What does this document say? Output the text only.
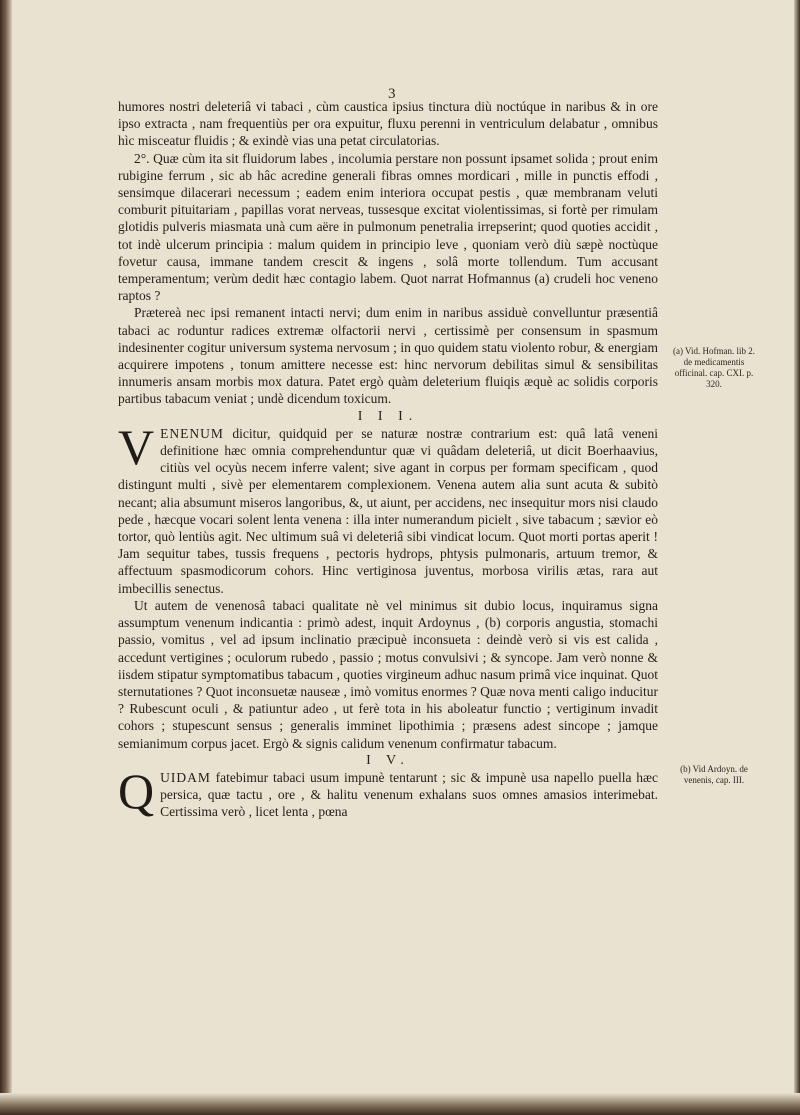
3

humores nostri deleteriâ vi tabaci , cùm caustica ipsius tinctura diù noctúque in naribus & in ore ipso extracta , nam frequentiùs per ora expuitur, fluxu perenni in ventriculum delabatur , omnibus hìc misceatur fluidis ; & exindè vias una petat circulatorias.

2°. Quæ cùm ita sit fluidorum labes , incolumia perstare non possunt ipsamet solida ; prout enim rubigine ferrum , sic ab hâc acredine generali fibras omnes mordicari , mille in punctis effodi , sensimque dilacerari necessum ; eadem enim interiora occupat pestis , quæ membranam veluti comburit pituitariam , papillas vorat nerveas, tussesque excitat violentissimas, si fortè per rimulam glotidis pulveris miasmata unà cum aëre in pulmonum penetralia irrepserint; quod quoties accidit , tot indè ulcerum principia : malum quidem in principio leve , quoniam verò diù sæpè noctùque fovetur causa, immane tandem crescit & ingens , solâ morte tollendum. Tum accusant temperamentum; verùm dedit hæc contagio labem. Quot narrat Hofmannus (a) crudeli hoc veneno raptos ?

Prætereà nec ipsi remanent intacti nervi; dum enim in naribus assiduè convelluntur præsentiâ tabaci ac roduntur radices extremæ olfactorii nervi , certissimè per consensum in spasmum indesinenter cogitur universum systema nervosum ; in quo quidem statu violento robur, & energiam acquirere impotens , tonum amittere necesse est: hinc nervorum debilitas simul & sensibilitas innumeris ansam morbis mox datura. Patet ergò quàm deleterium fluiqis æquè ac solidis corporis partibus tabacum veniat ; undè dicendum toxicum.

I I I.

VENENUM dicitur, quidquid per se naturæ nostræ contrarium est: quâ latâ veneni definitione hæc omnia comprehenduntur quæ vi quâdam deleteriâ, ut dicit Boerhaavius, citiùs vel ocyùs necem inferre valent; sive agant in corpus per formam specificam , quod distingunt multi , sivè per elementarem complexionem. Venena autem alia sunt acuta & subitò necant; alia absumunt miseros langoribus, &, ut aiunt, per accidens, nec insequitur mors nisi claudo pede , hæcque vocari solent lenta venena : illa inter numerandum picielt , sive tabacum ; sævior eò tortor, quò lentiùs agit. Nec ultimum suâ vi deleteriâ sibi vindicat locum. Quot morti portas aperit ! Jam sequitur tabes, tussis frequens , pectoris hydrops, phtysis pulmonaris, artuum tremor, & affectuum spasmodicorum cohors. Hinc vertiginosa juventus, morbosa virilis ætas, rara aut imbecillis senectus.

Ut autem de venenosâ tabaci qualitate nè vel minimus sit dubio locus, inquiramus signa assumptum venenum indicantia : primò adest, inquit Ardoynus , (b) corporis angustia, stomachi passio, vomitus , vel ad ipsum inclinatio præcipuè inconsueta : deindè verò si vis est calida , accedunt vertigines ; oculorum rubedo , passio ; motus convulsivi ; & syncope. Jam verò nonne & iisdem stipatur symptomatibus tabacum , quoties virgineum adhuc nasum primâ vice inquinat. Quot sternutationes ? Quot inconsuetæ nauseæ , imò vomitus enormes ? Quæ nova menti caligo inducitur ? Rubescunt oculi , & patiuntur adeo , ut ferè tota in his aboleatur functio ; vertiginum invadit cohors ; stupescunt sensus ; generalis imminet lipothimia ; præsens adest sincope ; jamque semianimum corpus jacet. Ergò & signis calidum venenum confirmatur tabacum.

I V.

QUIDAM fatebimur tabaci usum impunè tentarunt ; sic & impunè usa napello puella hæc persica, quæ tactu , ore , & halitu venenum exhalans suos omnes amasios interimebat. Certissima verò , licet lenta , pœna

(a) Vid. Hofman. lib 2. de medicamentis officinal. cap. CXI. p. 320.
(b) Vid Ardoyn. de venenis, cap. III.
